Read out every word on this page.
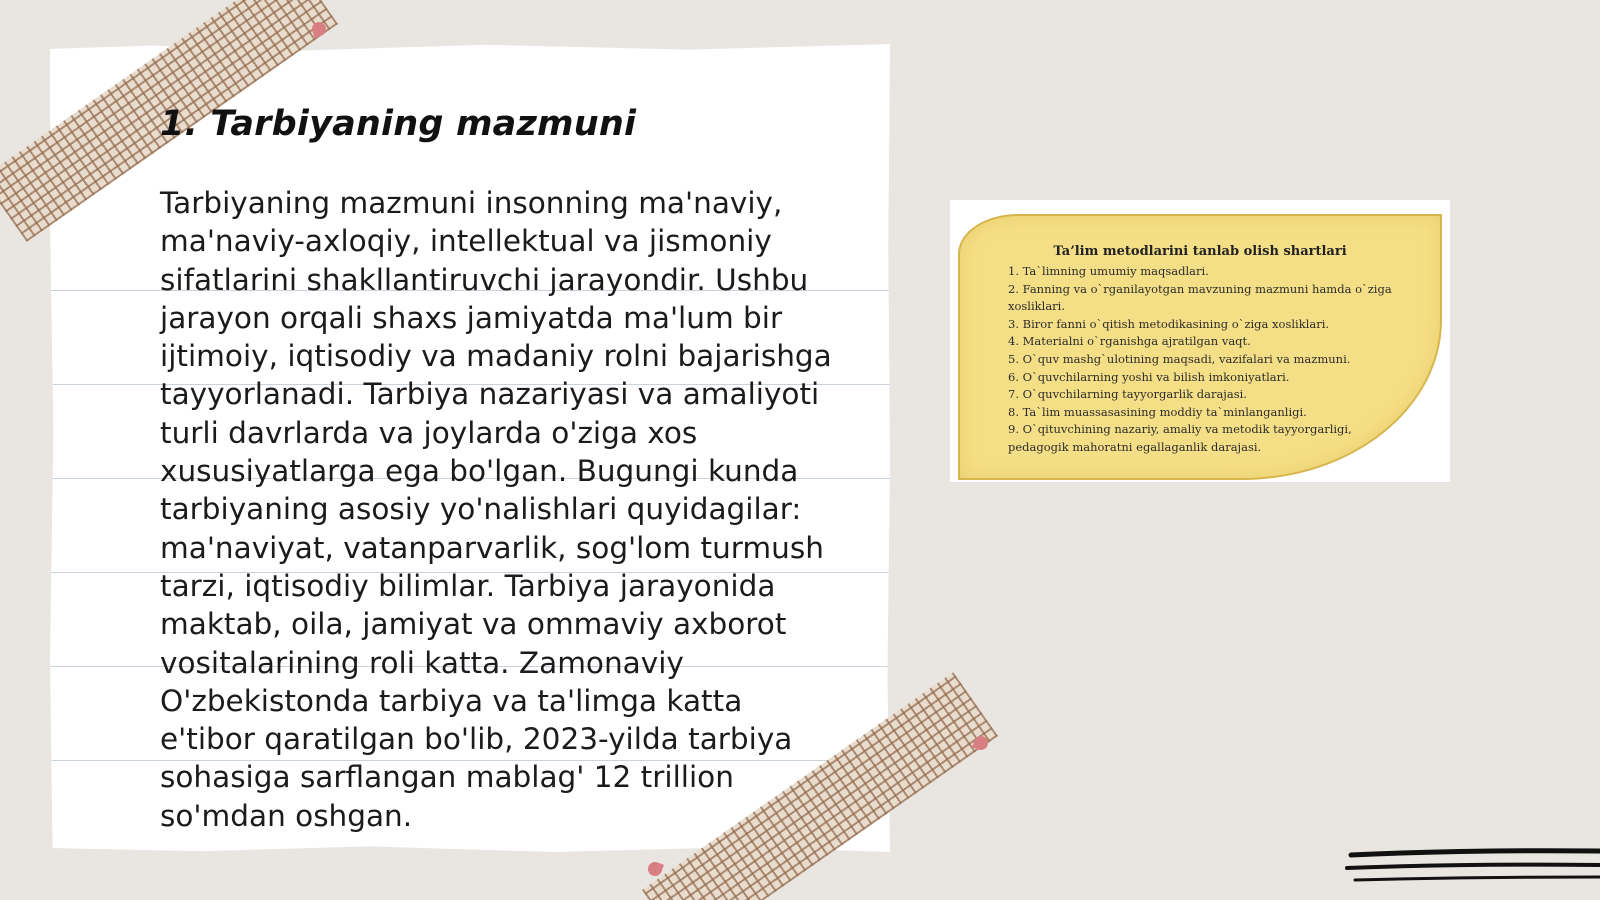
1. Tarbiyaning mazmuni

Tarbiyaning mazmuni insonning ma'naviy, ma'naviy-axloqiy, intellektual va jismoniy sifatlarini shakllantiruvchi jarayondir. Ushbu jarayon orqali shaxs jamiyatda ma'lum bir ijtimoiy, iqtisodiy va madaniy rolni bajarishga tayyorlanadi. Tarbiya nazariyasi va amaliyoti turli davrlarda va joylarda o'ziga xos xususiyatlarga ega bo'lgan. Bugungi kunda tarbiyaning asosiy yo'nalishlari quyidagilar: ma'naviyat, vatanparvarlik, sog'lom turmush tarzi, iqtisodiy bilimlar. Tarbiya jarayonida maktab, oila, jamiyat va ommaviy axborot vositalarining roli katta. Zamonaviy O'zbekistonda tarbiya va ta'limga katta e'tibor qaratilgan bo'lib, 2023-yilda tarbiya sohasiga sarflangan mablag' 12 trillion so'mdan oshgan.

Ta’lim metodlarini tanlab olish shartlari

1. Ta`limning umumiy maqsadlari.
2. Fanning va o`rganilayotgan mavzuning mazmuni hamda o`ziga xosliklari.
3. Biror fanni o`qitish metodikasining o`ziga xosliklari.
4. Materialni o`rganishga ajratilgan vaqt.
5. O`quv mashg`ulotining maqsadi, vazifalari va mazmuni.
6. O`quvchilarning yoshi va bilish imkoniyatlari.
7. O`quvchilarning tayyorgarlik darajasi.
8. Ta`lim muassasasining moddiy ta`minlanganligi.
9. O`qituvchining nazariy, amaliy va metodik tayyorgarligi, pedagogik mahoratni egallaganlik darajasi.
